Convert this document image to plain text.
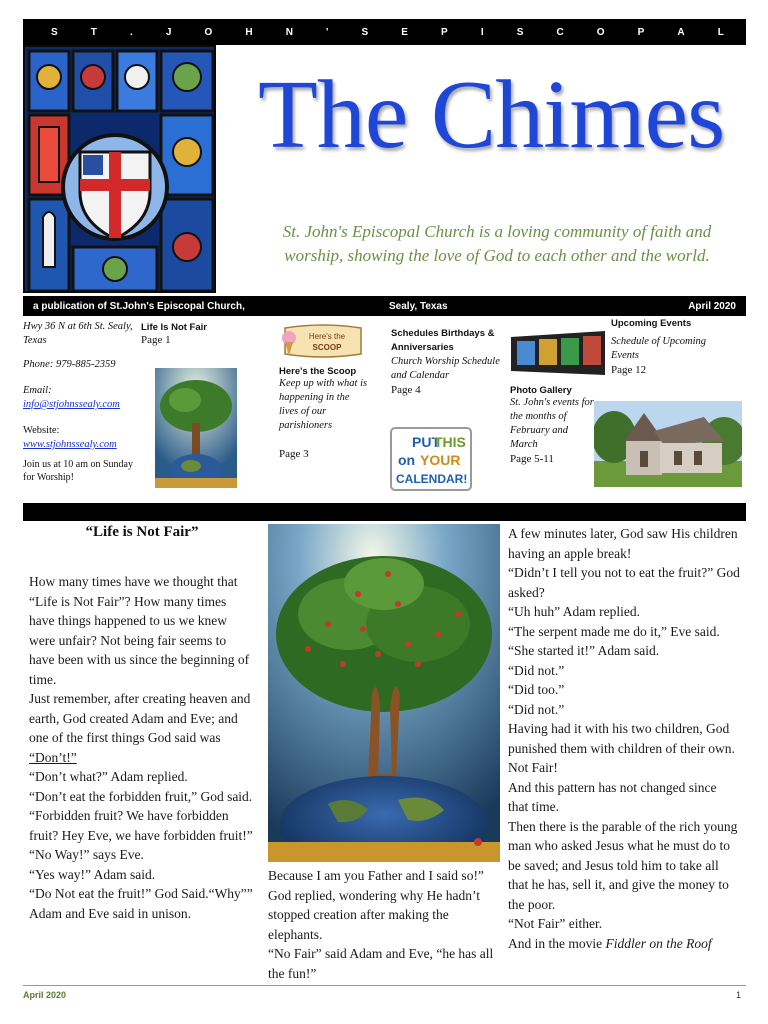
S	T	.	J	O	H	N	'	S	E	P	I	S	C	O	P	A	L
The Chimes
St. John's Episcopal Church is a loving community of faith and worship, showing the love of God to each other and the world.
a publication of St.John's Episcopal Church,	Sealy, Texas	April 2020
Hwy 36 N at 6th St. Sealy, Texas
Phone: 979-885-2359
Email:
info@stjohnssealy.com
Website:
www.stjohnssealy.com
Join us at 10 am on Sunday for Worship!
Life Is Not Fair
Page 1	Here's the
SCOOP
Here's the Scoop
Keep up with what is happening in the lives of our parishioners
Page 3
Schedules Birthdays & Anniversaries
Church Worship Schedule and Calendar
Page 4
PUT
THIS
on YOUR
CALENDAR!
Upcoming Events
Schedule of Upcoming Events
Page 12
Photo Gallery
St. John's events for the months of February and March
Page 5-11
“Life is Not Fair”

How many times have we thought that “Life is Not Fair”? How many times have things happened to us we knew were unfair? Not being fair seems to have been with us since the beginning of time.

Just remember, after creating heaven and earth, God created Adam and Eve; and one of the first things God said was “Don’t!”

“Don’t what?” Adam replied.

“Don’t eat the forbidden fruit,” God said.

“Forbidden fruit? We have forbidden fruit? Hey Eve, we have forbidden fruit!”

“No Way!” says Eve.

“Yes way!” Adam said.

“Do Not eat the fruit!” God Said.“Why”” Adam and Eve said in unison.

Because I am you Father and I said so!” God replied, wondering why He hadn’t stopped creation after making the elephants.

“No Fair” said Adam and Eve, “he has all the fun!”

A few minutes later, God saw His children having an apple break!

“Didn’t I tell you not to eat the fruit?” God asked?

“Uh huh” Adam replied.

“The serpent made me do it,” Eve said.

“She started it!” Adam said.

“Did not.”

“Did too.”

“Did not.”

Having had it with his two children, God punished them with children of their own. Not Fair!

And this pattern has not changed since that time.

Then there is the parable of the rich young man who asked Jesus what he must do to be saved; and Jesus told him to take all that he has, sell it, and give the money to the poor.

“Not Fair” either.

And in the movie Fiddler on the Roof

April 2020	1
